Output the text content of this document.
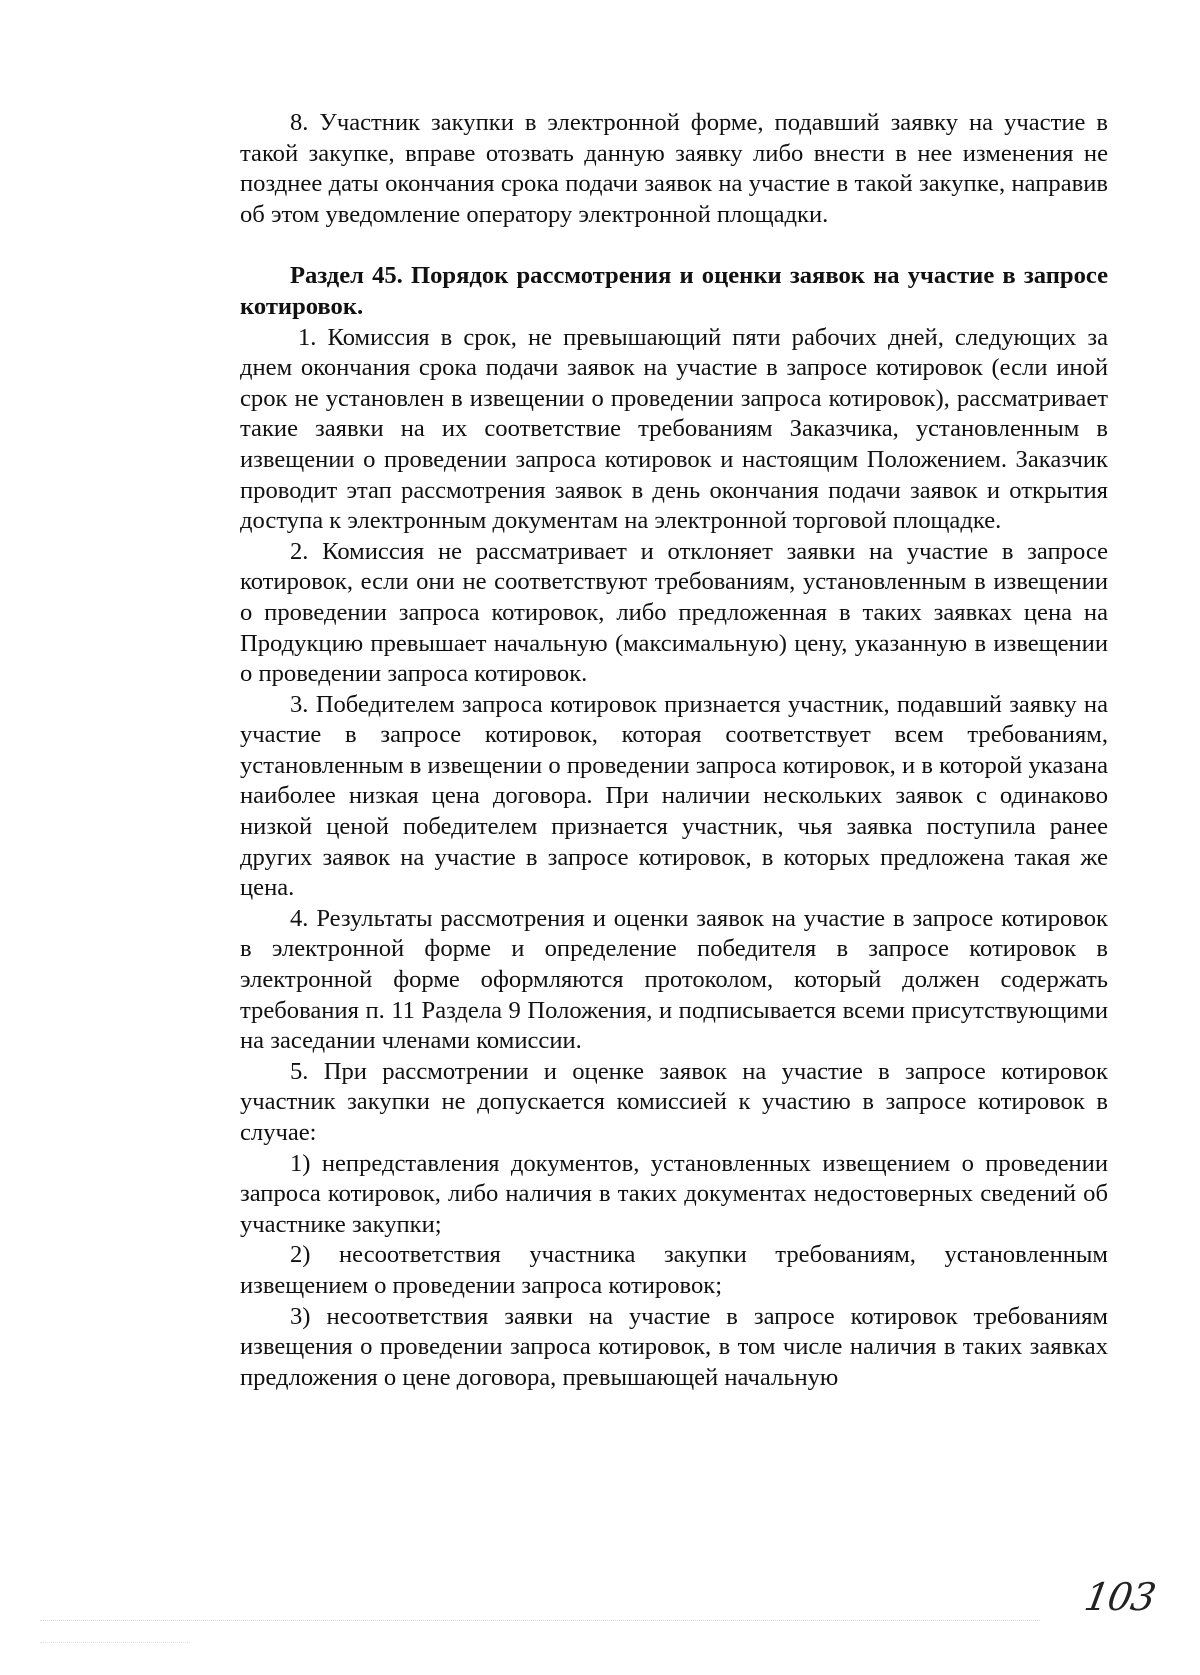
8. Участник закупки в электронной форме, подавший заявку на участие в такой закупке, вправе отозвать данную заявку либо внести в нее изменения не позднее даты окончания срока подачи заявок на участие в такой закупке, направив об этом уведомление оператору электронной площадки.

Раздел 45. Порядок рассмотрения и оценки заявок на участие в запросе котировок.

1. Комиссия в срок, не превышающий пяти рабочих дней, следующих за днем окончания срока подачи заявок на участие в запросе котировок (если иной срок не установлен в извещении о проведении запроса котировок), рассматривает такие заявки на их соответствие требованиям Заказчика, установленным в извещении о проведении запроса котировок и настоящим Положением. Заказчик проводит этап рассмотрения заявок в день окончания подачи заявок и открытия доступа к электронным документам на электронной торговой площадке.

2. Комиссия не рассматривает и отклоняет заявки на участие в запросе котировок, если они не соответствуют требованиям, установленным в извещении о проведении запроса котировок, либо предложенная в таких заявках цена на Продукцию превышает начальную (максимальную) цену, указанную в извещении о проведении запроса котировок.

3. Победителем запроса котировок признается участник, подавший заявку на участие в запросе котировок, которая соответствует всем требованиям, установленным в извещении о проведении запроса котировок, и в которой указана наиболее низкая цена договора. При наличии нескольких заявок с одинаково низкой ценой победителем признается участник, чья заявка поступила ранее других заявок на участие в запросе котировок, в которых предложена такая же цена.

4. Результаты рассмотрения и оценки заявок на участие в запросе котировок в электронной форме и определение победителя в запросе котировок в электронной форме оформляются протоколом, который должен содержать требования п. 11 Раздела 9 Положения, и подписывается всеми присутствующими на заседании членами комиссии.

5. При рассмотрении и оценке заявок на участие в запросе котировок участник закупки не допускается комиссией к участию в запросе котировок в случае:

1) непредставления документов, установленных извещением о проведении запроса котировок, либо наличия в таких документах недостоверных сведений об участнике закупки;

2) несоответствия участника закупки требованиям, установленным извещением о проведении запроса котировок;

3) несоответствия заявки на участие в запросе котировок требованиям извещения о проведении запроса котировок, в том числе наличия в таких заявках предложения о цене договора, превышающей начальную

103
